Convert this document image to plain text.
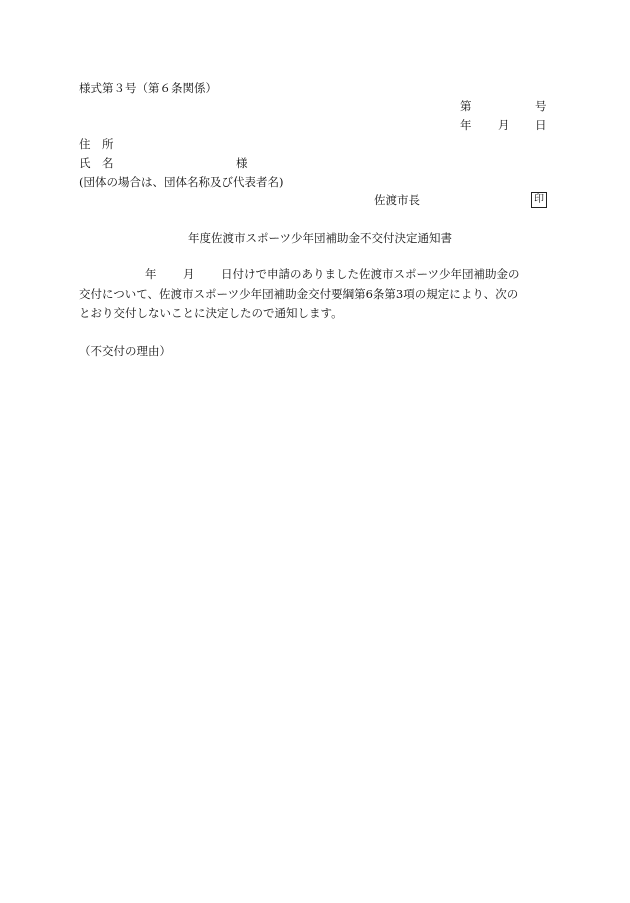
様式第３号（第６条関係）
第	号
年 月 日
住　所
氏　名	様
(団体の場合は、団体名称及び代表者名)
佐渡市長	印
年度佐渡市スポーツ少年団補助金不交付決定通知書
年 月 日付けで申請のありました佐渡市スポーツ少年団補助金の
交付について、佐渡市スポーツ少年団補助金交付要綱第6条第3項の規定により、次の
とおり交付しないことに決定したので通知します。
（不交付の理由）
